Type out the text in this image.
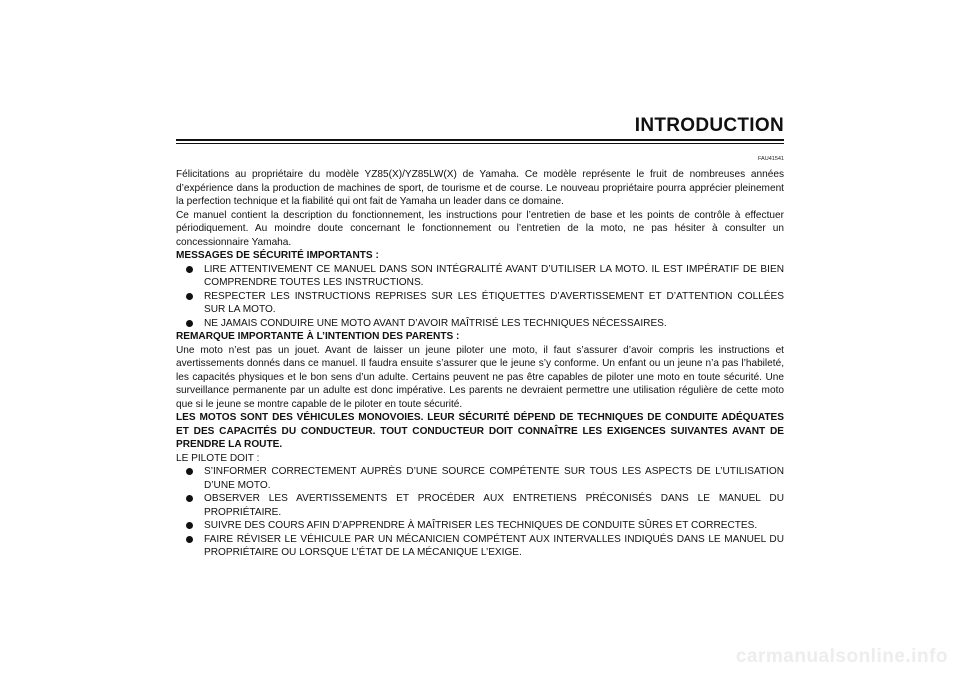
INTRODUCTION
FAU41541

Félicitations au propriétaire du modèle YZ85(X)/YZ85LW(X) de Yamaha. Ce modèle représente le fruit de nombreuses années d’expérience dans la production de machines de sport, de tourisme et de course. Le nouveau propriétaire pourra apprécier pleinement la perfection technique et la fiabilité qui ont fait de Yamaha un leader dans ce domaine.

Ce manuel contient la description du fonctionnement, les instructions pour l’entretien de base et les points de contrôle à effectuer périodiquement. Au moindre doute concernant le fonctionnement ou l’entretien de la moto, ne pas hésiter à consulter un concessionnaire Yamaha.

MESSAGES DE SÉCURITÉ IMPORTANTS :

LIRE ATTENTIVEMENT CE MANUEL DANS SON INTÉGRALITÉ AVANT D’UTILISER LA MOTO. IL EST IMPÉRATIF DE BIEN COMPRENDRE TOUTES LES INSTRUCTIONS.
RESPECTER LES INSTRUCTIONS REPRISES SUR LES ÉTIQUETTES D’AVERTISSEMENT ET D’ATTENTION COLLÉES SUR LA MOTO.
NE JAMAIS CONDUIRE UNE MOTO AVANT D’AVOIR MAÎTRISÉ LES TECHNIQUES NÉCESSAIRES.

REMARQUE IMPORTANTE À L’INTENTION DES PARENTS :

Une moto n’est pas un jouet. Avant de laisser un jeune piloter une moto, il faut s’assurer d’avoir compris les instructions et avertissements donnés dans ce manuel. Il faudra ensuite s’assurer que le jeune s’y conforme. Un enfant ou un jeune n’a pas l’habileté, les capacités physiques et le bon sens d’un adulte. Certains peuvent ne pas être capables de piloter une moto en toute sécurité. Une surveillance permanente par un adulte est donc impérative. Les parents ne devraient permettre une utilisation régulière de cette moto que si le jeune se montre capable de le piloter en toute sécurité.

LES MOTOS SONT DES VÉHICULES MONOVOIES. LEUR SÉCURITÉ DÉPEND DE TECHNIQUES DE CONDUITE ADÉQUATES ET DES CAPACITÉS DU CONDUCTEUR. TOUT CONDUCTEUR DOIT CONNAÎTRE LES EXIGENCES SUIVANTES AVANT DE PRENDRE LA ROUTE.

LE PILOTE DOIT :

S’INFORMER CORRECTEMENT AUPRÈS D’UNE SOURCE COMPÉTENTE SUR TOUS LES ASPECTS DE L’UTILISATION D’UNE MOTO.
OBSERVER LES AVERTISSEMENTS ET PROCÉDER AUX ENTRETIENS PRÉCONISÉS DANS LE MANUEL DU PROPRIÉTAIRE.
SUIVRE DES COURS AFIN D’APPRENDRE À MAÎTRISER LES TECHNIQUES DE CONDUITE SÛRES ET CORRECTES.
FAIRE RÉVISER LE VÉHICULE PAR UN MÉCANICIEN COMPÉTENT AUX INTERVALLES INDIQUÉS DANS LE MANUEL DU PROPRIÉTAIRE OU LORSQUE L’ÉTAT DE LA MÉCANIQUE L’EXIGE.
carmanualsonline.info
